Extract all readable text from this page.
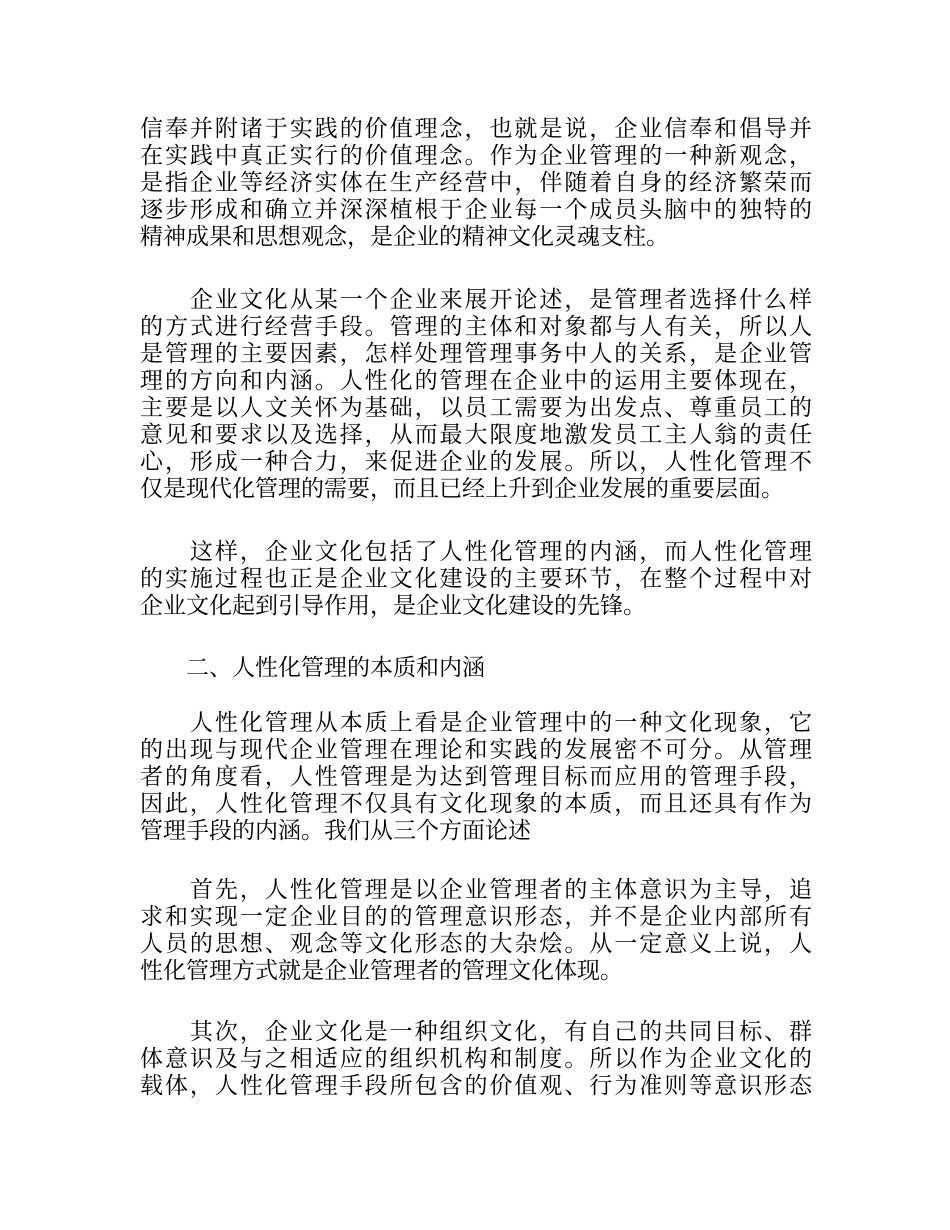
信奉并附诸于实践的价值理念，也就是说，企业信奉和倡导并
在实践中真正实行的价值理念。作为企业管理的一种新观念，
是指企业等经济实体在生产经营中，伴随着自身的经济繁荣而
逐步形成和确立并深深植根于企业每一个成员头脑中的独特的
精神成果和思想观念，是企业的精神文化灵魂支柱。
　　企业文化从某一个企业来展开论述，是管理者选择什么样
的方式进行经营手段。管理的主体和对象都与人有关，所以人
是管理的主要因素，怎样处理管理事务中人的关系，是企业管
理的方向和内涵。人性化的管理在企业中的运用主要体现在，
主要是以人文关怀为基础，以员工需要为出发点、尊重员工的
意见和要求以及选择，从而最大限度地激发员工主人翁的责任
心，形成一种合力，来促进企业的发展。所以，人性化管理不
仅是现代化管理的需要，而且已经上升到企业发展的重要层面。
　　这样，企业文化包括了人性化管理的内涵，而人性化管理
的实施过程也正是企业文化建设的主要环节，在整个过程中对
企业文化起到引导作用，是企业文化建设的先锋。
　　二、人性化管理的本质和内涵
　　人性化管理从本质上看是企业管理中的一种文化现象，它
的出现与现代企业管理在理论和实践的发展密不可分。从管理
者的角度看，人性管理是为达到管理目标而应用的管理手段，
因此，人性化管理不仅具有文化现象的本质，而且还具有作为
管理手段的内涵。我们从三个方面论述
　　首先，人性化管理是以企业管理者的主体意识为主导，追
求和实现一定企业目的的管理意识形态，并不是企业内部所有
人员的思想、观念等文化形态的大杂烩。从一定意义上说，人
性化管理方式就是企业管理者的管理文化体现。
　　其次，企业文化是一种组织文化，有自己的共同目标、群
体意识及与之相适应的组织机构和制度。所以作为企业文化的
载体，人性化管理手段所包含的价值观、行为准则等意识形态
